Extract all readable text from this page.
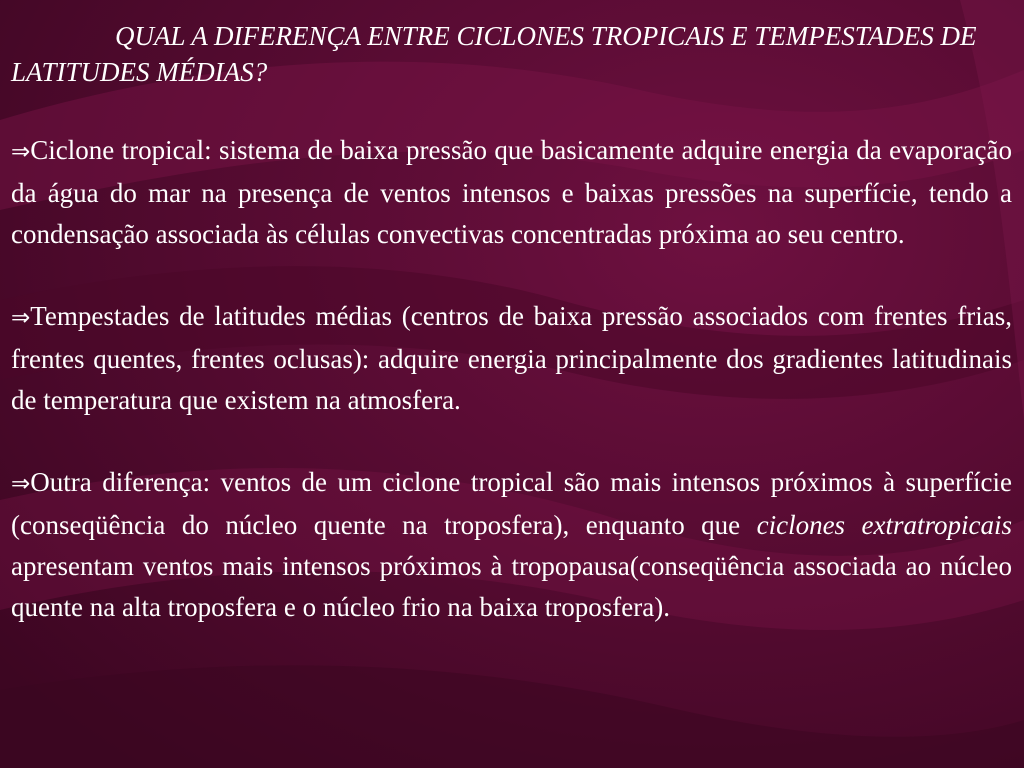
QUAL A DIFERENÇA ENTRE CICLONES TROPICAIS E TEMPESTADES DE LATITUDES MÉDIAS?

⇒Ciclone tropical: sistema de baixa pressão que basicamente adquire energia da evaporação da água do mar na presença de ventos intensos e baixas pressões na superfície, tendo a condensação associada às células convectivas concentradas próxima ao seu centro.

⇒Tempestades de latitudes médias (centros de baixa pressão associados com frentes frias, frentes quentes, frentes oclusas): adquire energia principalmente dos gradientes latitudinais de temperatura que existem na atmosfera.

⇒Outra diferença: ventos de um ciclone tropical são mais intensos próximos à superfície (conseqüência do núcleo quente na troposfera), enquanto que ciclones extratropicais apresentam ventos mais intensos próximos à tropopausa(conseqüência associada ao núcleo quente na alta troposfera e o núcleo frio na baixa troposfera).
